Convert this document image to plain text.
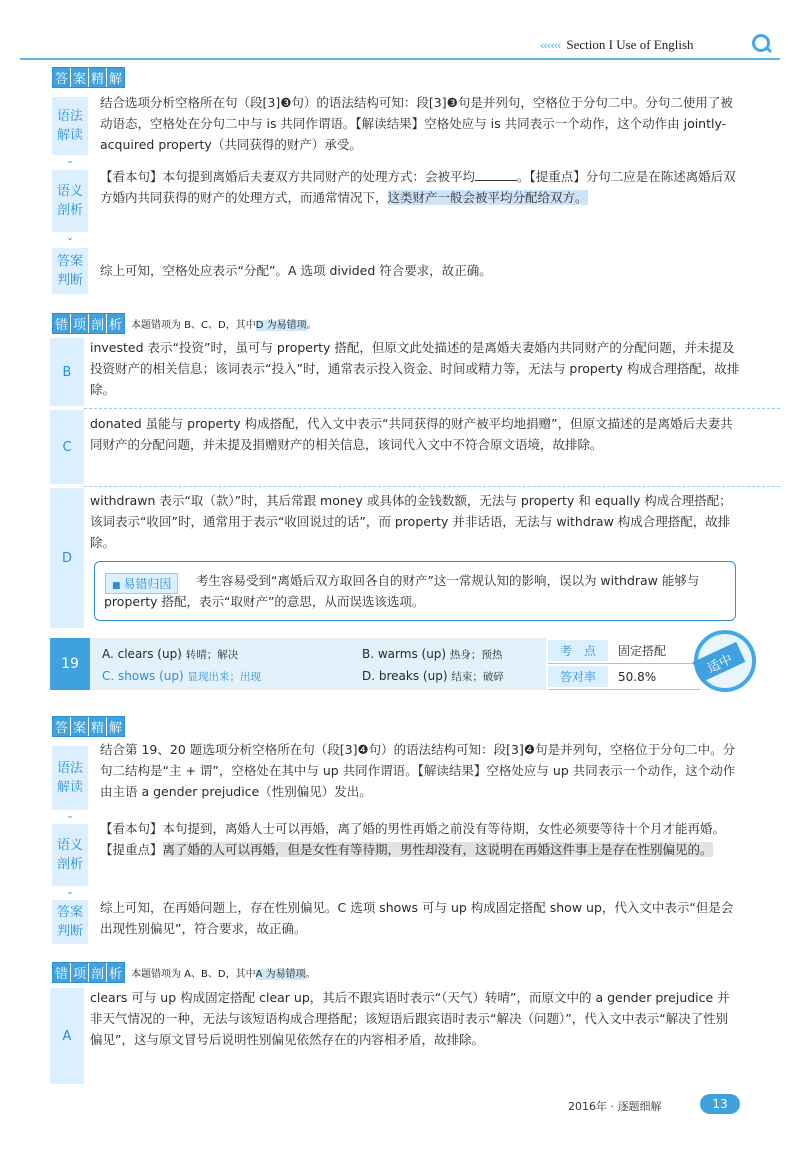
‹‹‹‹‹‹ Section I Use of English
答 案 精 解
语法解读
⌄
结合选项分析空格所在句（段[3]❸句）的语法结构可知：段[3]❸句是并列句，空格位于分句二中。分句二使用了被动语态，空格处在分句二中与 is 共同作谓语。【解读结果】空格处应与 is 共同表示一个动作，这个动作由 jointly-acquired property（共同获得的财产）承受。
语义剖析
⌄
【看本句】本句提到离婚后夫妻双方共同财产的处理方式：会被平均	。【提重点】分句二应是在陈述离婚后双方婚内共同获得的财产的处理方式，而通常情况下，这类财产一般会被平均分配给双方。
答案判断
综上可知，空格处应表示“分配”。A 选项 divided 符合要求，故正确。
错 项 剖 析 本题错项为 B、C、D，其中D 为易错项。
B
invested 表示“投资”时，虽可与 property 搭配，但原文此处描述的是离婚夫妻婚内共同财产的分配问题，并未提及投资财产的相关信息；该词表示“投入”时，通常表示投入资金、时间或精力等，无法与 property 构成合理搭配，故排除。
C
donated 虽能与 property 构成搭配，代入文中表示“共同获得的财产被平均地捐赠”，但原文描述的是离婚后夫妻共同财产的分配问题，并未提及捐赠财产的相关信息，该词代入文中不符合原文语境，故排除。
D
withdrawn 表示“取（款）”时，其后常跟 money 或具体的金钱数额，无法与 property 和 equally 构成合理搭配；该词表示“收回”时，通常用于表示“收回说过的话”，而 property 并非话语，无法与 withdraw 构成合理搭配，故排除。
■ 易错归因	考生容易受到“离婚后双方取回各自的财产”这一常规认知的影响，误以为 withdraw 能够与 property 搭配，表示“取财产”的意思，从而误选该选项。
19
A. clears (up) 转晴；解决	B. warms (up) 热身；预热
C. shows (up) 显现出来；出现	D. breaks (up) 结束；破碎
考　点	固定搭配
答对率	50.8%
适中
答 案 精 解
语法解读
⌄
结合第 19、20 题选项分析空格所在句（段[3]❹句）的语法结构可知：段[3]❹句是并列句，空格位于分句二中。分句二结构是“主 + 谓”，空格处在其中与 up 共同作谓语。【解读结果】空格处应与 up 共同表示一个动作，这个动作由主语 a gender prejudice（性别偏见）发出。
语义剖析
⌄
【看本句】本句提到，离婚人士可以再婚，离了婚的男性再婚之前没有等待期，女性必须要等待十个月才能再婚。【提重点】离了婚的人可以再婚，但是女性有等待期，男性却没有，这说明在再婚这件事上是存在性别偏见的。
答案判断
综上可知，在再婚问题上，存在性别偏见。C 选项 shows 可与 up 构成固定搭配 show up，代入文中表示“但是会出现性别偏见”，符合要求，故正确。
错 项 剖 析 本题错项为 A、B、D，其中A 为易错项。
A
clears 可与 up 构成固定搭配 clear up，其后不跟宾语时表示“（天气）转晴”，而原文中的 a gender prejudice 并非天气情况的一种，无法与该短语构成合理搭配；该短语后跟宾语时表示“解决（问题）”，代入文中表示“解决了性别偏见”，这与原文冒号后说明性别偏见依然存在的内容相矛盾，故排除。
2016年 · 逐题细解	13
